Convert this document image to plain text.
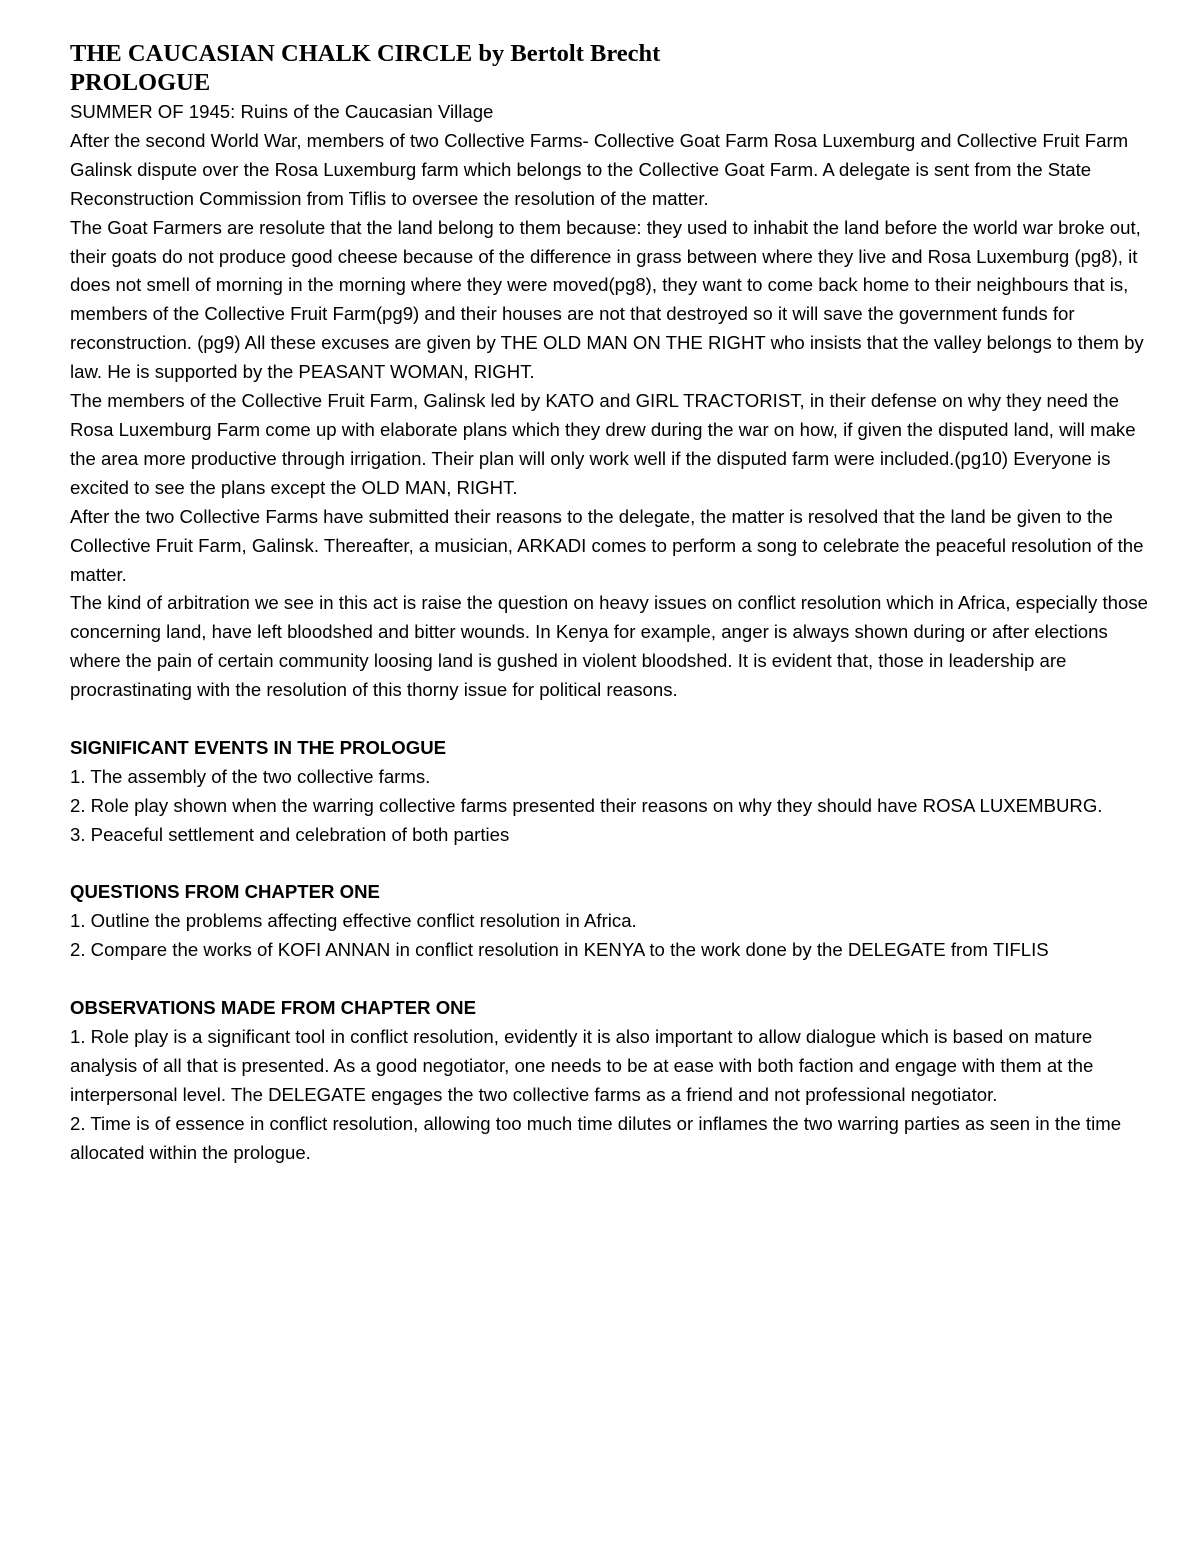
THE CAUCASIAN CHALK CIRCLE by Bertolt Brecht
PROLOGUE

SUMMER OF 1945: Ruins of the Caucasian Village

After the second World War, members of two Collective Farms- Collective Goat Farm Rosa Luxemburg and Collective Fruit Farm Galinsk dispute over the Rosa Luxemburg farm which belongs to the Collective Goat Farm. A delegate is sent from the State Reconstruction Commission from Tiflis to oversee the resolution of the matter.

The Goat Farmers are resolute that the land belong to them because: they used to inhabit the land before the world war broke out, their goats do not produce good cheese because of the difference in grass between where they live and Rosa Luxemburg (pg8), it does not smell of morning in the morning where they were moved(pg8), they want to come back home to their neighbours that is, members of the Collective Fruit Farm(pg9) and their houses are not that destroyed so it will save the government funds for reconstruction. (pg9) All these excuses are given by THE OLD MAN ON THE RIGHT who insists that the valley belongs to them by law. He is supported by the PEASANT WOMAN, RIGHT.

The members of the Collective Fruit Farm, Galinsk led by KATO and GIRL TRACTORIST, in their defense on why they need the Rosa Luxemburg Farm come up with elaborate plans which they drew during the war on how, if given the disputed land, will make the area more productive through irrigation. Their plan will only work well if the disputed farm were included.(pg10) Everyone is excited to see the plans except the OLD MAN, RIGHT.

After the two Collective Farms have submitted their reasons to the delegate, the matter is resolved that the land be given to the Collective Fruit Farm, Galinsk. Thereafter, a musician, ARKADI comes to perform a song to celebrate the peaceful resolution of the matter.

The kind of arbitration we see in this act is raise the question on heavy issues on conflict resolution which in Africa, especially those concerning land, have left bloodshed and bitter wounds. In Kenya for example, anger is always shown during or after elections where the pain of certain community loosing land is gushed in violent bloodshed. It is evident that, those in leadership are procrastinating with the resolution of this thorny issue for political reasons.

SIGNIFICANT EVENTS IN THE PROLOGUE

1. The assembly of the two collective farms.

2. Role play shown when the warring collective farms presented their reasons on why they should have ROSA LUXEMBURG.

3. Peaceful settlement and celebration of both parties

QUESTIONS FROM CHAPTER ONE

1. Outline the problems affecting effective conflict resolution in Africa.

2. Compare the works of KOFI ANNAN in conflict resolution in KENYA to the work done by the DELEGATE from TIFLIS

OBSERVATIONS MADE FROM CHAPTER ONE

1. Role play is a significant tool in conflict resolution, evidently it is also important to allow dialogue which is based on mature analysis of all that is presented. As a good negotiator, one needs to be at ease with both faction and engage with them at the interpersonal level. The DELEGATE engages the two collective farms as a friend and not professional negotiator.

2. Time is of essence in conflict resolution, allowing too much time dilutes or inflames the two warring parties as seen in the time allocated within the prologue.
